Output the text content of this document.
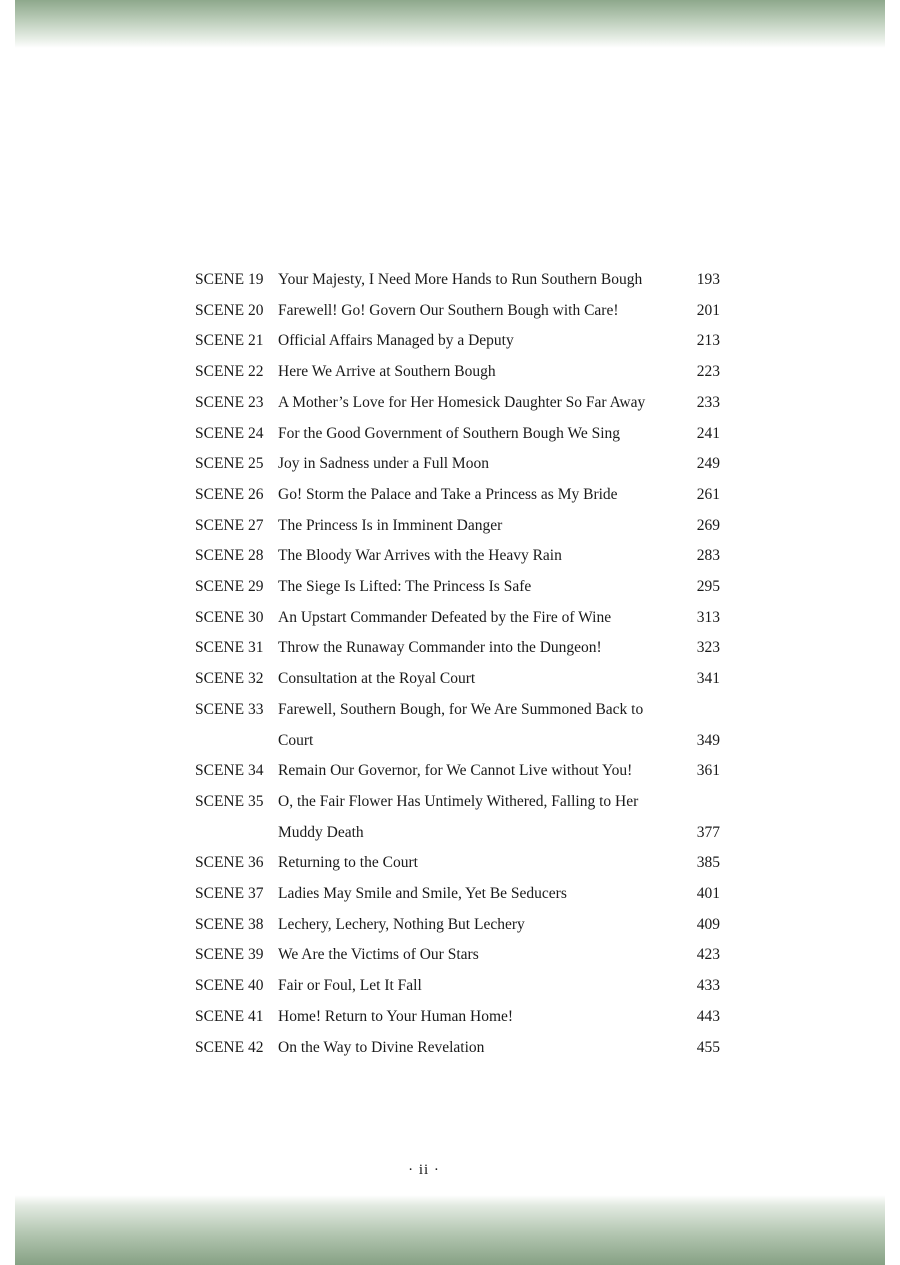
SCENE 19 Your Majesty, I Need More Hands to Run Southern Bough	193
SCENE 20 Farewell! Go! Govern Our Southern Bough with Care!	201
SCENE 21 Official Affairs Managed by a Deputy	213
SCENE 22 Here We Arrive at Southern Bough	223
SCENE 23 A Mother’s Love for Her Homesick Daughter So Far Away	233
SCENE 24 For the Good Government of Southern Bough We Sing	241
SCENE 25 Joy in Sadness under a Full Moon	249
SCENE 26 Go! Storm the Palace and Take a Princess as My Bride	261
SCENE 27 The Princess Is in Imminent Danger	269
SCENE 28 The Bloody War Arrives with the Heavy Rain	283
SCENE 29 The Siege Is Lifted: The Princess Is Safe	295
SCENE 30 An Upstart Commander Defeated by the Fire of Wine	313
SCENE 31 Throw the Runaway Commander into the Dungeon!	323
SCENE 32 Consultation at the Royal Court	341
SCENE 33 Farewell, Southern Bough, for We Are Summoned Back to Court	349
SCENE 34 Remain Our Governor, for We Cannot Live without You!	361
SCENE 35 O, the Fair Flower Has Untimely Withered, Falling to Her Muddy Death	377
SCENE 36 Returning to the Court	385
SCENE 37 Ladies May Smile and Smile, Yet Be Seducers	401
SCENE 38 Lechery, Lechery, Nothing But Lechery	409
SCENE 39 We Are the Victims of Our Stars	423
SCENE 40 Fair or Foul, Let It Fall	433
SCENE 41 Home! Return to Your Human Home!	443
SCENE 42 On the Way to Divine Revelation	455
· ii ·
